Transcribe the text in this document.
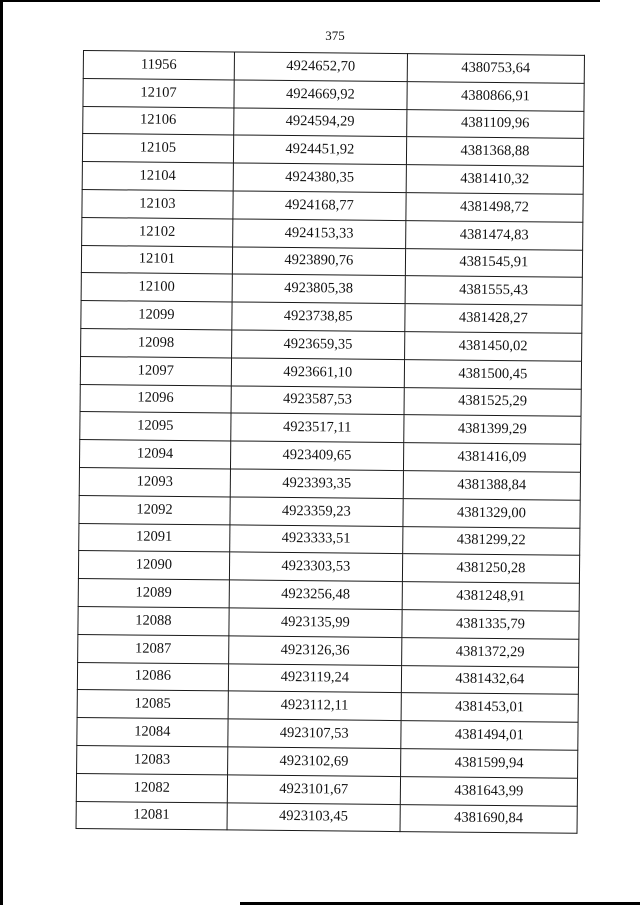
375
11956	4924652,70	4380753,64
12107	4924669,92	4380866,91
12106	4924594,29	4381109,96
12105	4924451,92	4381368,88
12104	4924380,35	4381410,32
12103	4924168,77	4381498,72
12102	4924153,33	4381474,83
12101	4923890,76	4381545,91
12100	4923805,38	4381555,43
12099	4923738,85	4381428,27
12098	4923659,35	4381450,02
12097	4923661,10	4381500,45
12096	4923587,53	4381525,29
12095	4923517,11	4381399,29
12094	4923409,65	4381416,09
12093	4923393,35	4381388,84
12092	4923359,23	4381329,00
12091	4923333,51	4381299,22
12090	4923303,53	4381250,28
12089	4923256,48	4381248,91
12088	4923135,99	4381335,79
12087	4923126,36	4381372,29
12086	4923119,24	4381432,64
12085	4923112,11	4381453,01
12084	4923107,53	4381494,01
12083	4923102,69	4381599,94
12082	4923101,67	4381643,99
12081	4923103,45	4381690,84
